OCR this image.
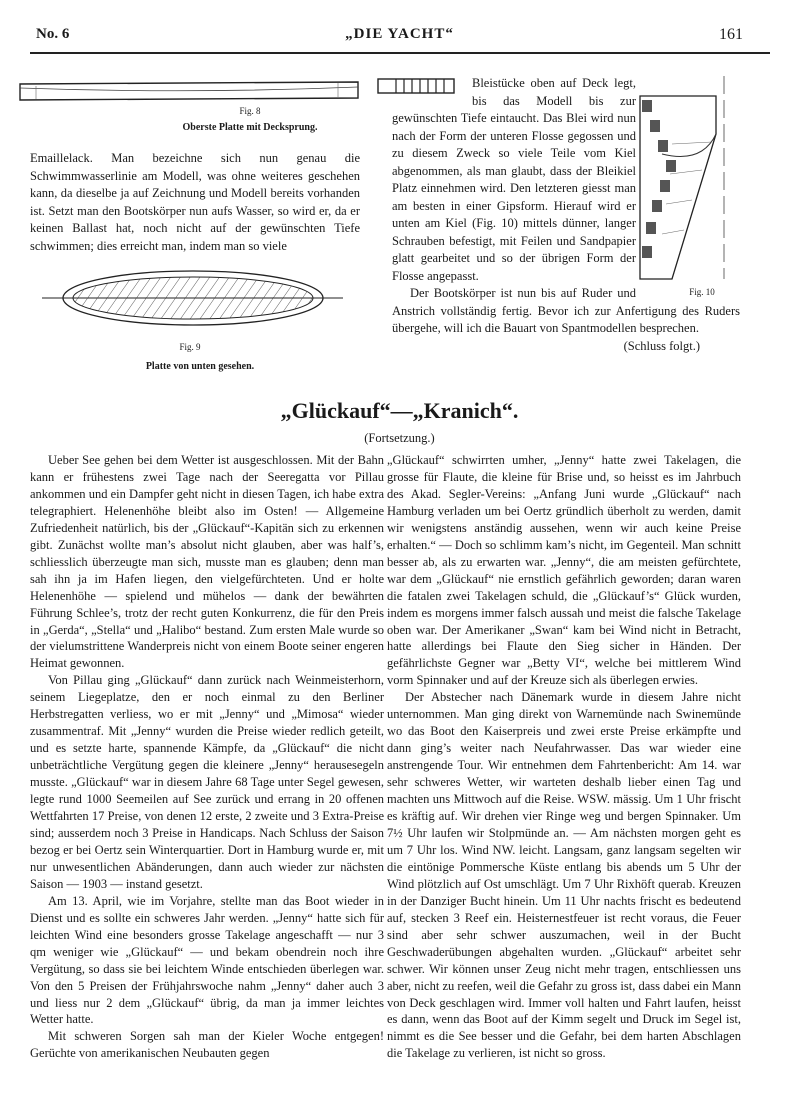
No. 6	„DIE YACHT“	161
Fig. 8
Oberste Platte mit Decksprung.
Emaillelack. Man bezeichne sich nun genau die Schwimmwasserlinie am Modell, was ohne weiteres geschehen kann, da dieselbe ja auf Zeichnung und Modell bereits vorhanden ist. Setzt man den Bootskörper nun aufs Wasser, so wird er, da er keinen Ballast hat, noch nicht auf der gewünschten Tiefe schwimmen; dies erreicht man, indem man so viele
Fig. 9
Platte von unten gesehen.
Fig. 10

Bleistücke oben auf Deck legt, bis das Modell bis zur gewünschten Tiefe eintaucht. Das Blei wird nun nach der Form der unteren Flosse gegossen und zu diesem Zweck so viele Teile vom Kiel abgenommen, als man glaubt, dass der Bleikiel Platz einnehmen wird. Den letzteren giesst man am besten in einer Gipsform. Hierauf wird er unten am Kiel (Fig. 10) mittels dünner, langer Schrauben befestigt, mit Feilen und Sandpapier glatt gearbeitet und so der übrigen Form der Flosse angepasst.

Der Bootskörper ist nun bis auf Ruder und Anstrich vollständig fertig. Bevor ich zur Anfertigung des Ruders übergehe, will ich die Bauart von Spantmodellen besprechen.

(Schluss folgt.)

„Glückauf“—„Kranich“.
(Fortsetzung.)

Ueber See gehen bei dem Wetter ist ausgeschlossen. Mit der Bahn kann er frühestens zwei Tage nach der Seeregatta vor Pillau ankommen und ein Dampfer geht nicht in diesen Tagen, ich habe extra telegraphiert. Helenenhöhe bleibt also im Osten! — Allgemeine Zufriedenheit natürlich, bis der „Glückauf“-Kapitän sich zu erkennen gibt. Zunächst wollte man’s absolut nicht glauben, aber was half’s, schliesslich überzeugte man sich, musste man es glauben; denn man sah ihn ja im Hafen liegen, den vielgefürchteten. Und er holte Helenenhöhe — spielend und mühelos — dank der bewährten Führung Schlee’s, trotz der recht guten Konkurrenz, die für den Preis in „Gerda“, „Stella“ und „Halibo“ bestand. Zum ersten Male wurde so der vielumstrittene Wanderpreis nicht von einem Boote seiner engeren Heimat gewonnen.

Von Pillau ging „Glückauf“ dann zurück nach Weinmeisterhorn, seinem Liegeplatze, den er noch einmal zu den Berliner Herbstregatten verliess, wo er mit „Jenny“ und „Mimosa“ wieder zusammentraf. Mit „Jenny“ wurden die Preise wieder redlich geteilt, und es setzte harte, spannende Kämpfe, da „Glückauf“ die nicht unbeträchtliche Vergütung gegen die kleinere „Jenny“ herausesegeln musste. „Glückauf“ war in diesem Jahre 68 Tage unter Segel gewesen, legte rund 1000 Seemeilen auf See zurück und errang in 20 offenen Wettfahrten 17 Preise, von denen 12 erste, 2 zweite und 3 Extra-Preise sind; ausserdem noch 3 Preise in Handicaps. Nach Schluss der Saison bezog er bei Oertz sein Winterquartier. Dort in Hamburg wurde er, mit nur unwesentlichen Abänderungen, dann auch wieder zur nächsten Saison — 1903 — instand gesetzt.

Am 13. April, wie im Vorjahre, stellte man das Boot wieder in Dienst und es sollte ein schweres Jahr werden. „Jenny“ hatte sich für leichten Wind eine besonders grosse Takelage angeschafft — nur 3 qm weniger wie „Glückauf“ — und bekam obendrein noch ihre Vergütung, so dass sie bei leichtem Winde entschieden überlegen war. Von den 5 Preisen der Frühjahrswoche nahm „Jenny“ daher auch 3 und liess nur 2 dem „Glückauf“ übrig, da man ja immer leichtes Wetter hatte.

Mit schweren Sorgen sah man der Kieler Woche entgegen! Gerüchte von amerikanischen Neubauten gegen

„Glückauf“ schwirrten umher, „Jenny“ hatte zwei Takelagen, die grosse für Flaute, die kleine für Brise und, so heisst es im Jahrbuch des Akad. Segler-Vereins: „Anfang Juni wurde „Glückauf“ nach Hamburg verladen um bei Oertz gründlich überholt zu werden, damit wir wenigstens anständig aussehen, wenn wir auch keine Preise erhalten.“ — Doch so schlimm kam’s nicht, im Gegenteil. Man schnitt besser ab, als zu erwarten war. „Jenny“, die am meisten gefürchtete, war dem „Glückauf“ nie ernstlich gefährlich geworden; daran waren die fatalen zwei Takelagen schuld, die „Glückauf’s“ Glück wurden, indem es morgens immer falsch aussah und meist die falsche Takelage oben war. Der Amerikaner „Swan“ kam bei Wind nicht in Betracht, hatte allerdings bei Flaute den Sieg sicher in Händen. Der gefährlichste Gegner war „Betty VI“, welche bei mittlerem Wind vorm Spinnaker und auf der Kreuze sich als überlegen erwies.

Der Abstecher nach Dänemark wurde in diesem Jahre nicht unternommen. Man ging direkt von Warnemünde nach Swinemünde wo das Boot den Kaiserpreis und zwei erste Preise erkämpfte und dann ging’s weiter nach Neufahrwasser. Das war wieder eine anstrengende Tour. Wir entnehmen dem Fahrtenbericht: Am 14. war sehr schweres Wetter, wir warteten deshalb lieber einen Tag und machten uns Mittwoch auf die Reise. WSW. mässig. Um 1 Uhr frischt es kräftig auf. Wir drehen vier Ringe weg und bergen Spinnaker. Um 7½ Uhr laufen wir Stolpmünde an. — Am nächsten morgen geht es um 7 Uhr los. Wind NW. leicht. Langsam, ganz langsam segelten wir die eintönige Pommersche Küste entlang bis abends um 5 Uhr der Wind plötzlich auf Ost umschlägt. Um 7 Uhr Rixhöft querab. Kreuzen in der Danziger Bucht hinein. Um 11 Uhr nachts frischt es bedeutend auf, stecken 3 Reef ein. Heisternestfeuer ist recht voraus, die Feuer sind aber sehr schwer auszumachen, weil in der Bucht Geschwaderübungen abgehalten wurden. „Glückauf“ arbeitet sehr schwer. Wir können unser Zeug nicht mehr tragen, entschliessen uns aber, nicht zu reefen, weil die Gefahr zu gross ist, dass dabei ein Mann von Deck geschlagen wird. Immer voll halten und Fahrt laufen, heisst es dann, wenn das Boot auf der Kimm segelt und Druck im Segel ist, nimmt es die See besser und die Gefahr, bei dem harten Abschlagen die Takelage zu verlieren, ist nicht so gross.
